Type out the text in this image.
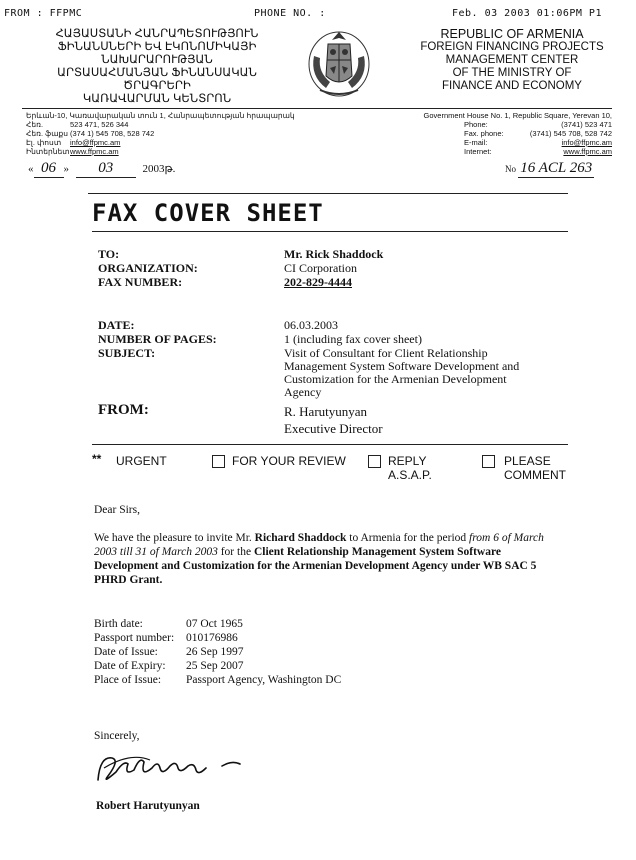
FROM : FFPMC	PHONE NO. :	Feb. 03 2003 01:06PM P1
ՀԱՅԱՍՏԱՆԻ ՀԱՆՐԱՊԵՏՈՒԹՅՈՒՆ
ՖԻՆԱՆՍՆԵՐԻ ԵՎ ԷԿՈՆՈՄԻԿԱՅԻ
ՆԱԽԱՐԱՐՈՒԹՅԱՆ
ԱՐՏԱՍԱՀՄԱՆՅԱՆ ՖԻՆԱՆՍԱԿԱՆ ԾՐԱԳՐԵՐԻ
ԿԱՌԱՎԱՐՄԱՆ ԿԵՆՏՐՈՆ
REPUBLIC OF ARMENIA
FOREIGN FINANCING PROJECTS
MANAGEMENT CENTER
OF THE MINISTRY OF
FINANCE AND ECONOMY
Երևան-10, Կառավարական տուն 1, Հանրապետության հրապարակ
Հեռ.	523 471, 526 344
Հեռ. ֆաքս (374 1) 545 708, 528 742
Էլ. փոստ	info@ffpmc.am
Ինտերնետ www.ffpmc.am
Government House No. 1, Republic Square, Yerevan 10,
Phone:	(3741) 523 471
Fax. phone:	(3741) 545 708, 528 742
E-mail:	info@ffpmc.am
Internet:	www.ffpmc.am
« 06 » 03	2003թ.	No 16 ACL 263
FAX COVER SHEET
TO:	Mr. Rick Shaddock
ORGANIZATION:	CI Corporation
FAX NUMBER:	202-829-4444
DATE:	06.03.2003
NUMBER OF PAGES:	1 (including fax cover sheet)
SUBJECT:	Visit of Consultant for Client Relationship Management System Software Development and Customization for the Armenian Development Agency
FROM:	R. Harutyunyan
Executive Director
** URGENT	FOR YOUR REVIEW	REPLY
A.S.A.P.
PLEASE
COMMENT
Dear Sirs,
We have the pleasure to invite Mr. Richard Shaddock to Armenia for the period from 6 of March 2003 till 31 of March 2003 for the Client Relationship Management System Software Development and Customization for the Armenian Development Agency under WB SAC 5 PHRD Grant.
Birth date:	07 Oct 1965
Passport number:	010176986
Date of Issue:	26 Sep 1997
Date of Expiry:	25 Sep 2007
Place of Issue:	Passport Agency, Washington DC
Sincerely,
Robert Harutyunyan
